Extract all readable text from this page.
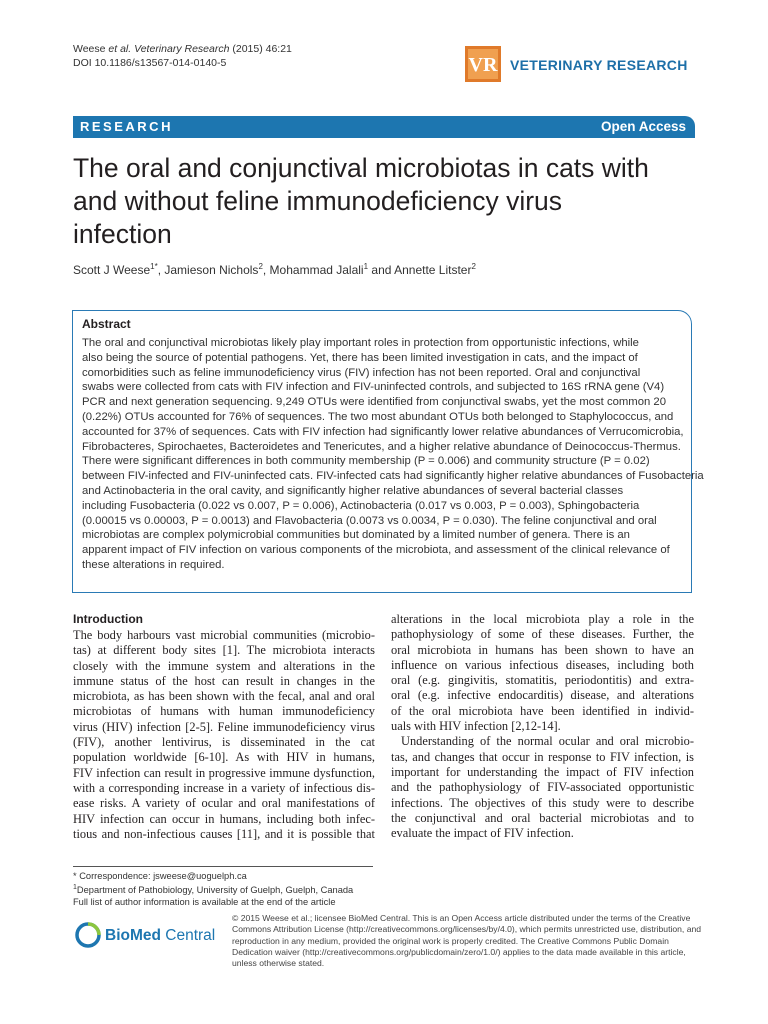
Weese et al. Veterinary Research (2015) 46:21
DOI 10.1186/s13567-014-0140-5	VR VETERINARY RESEARCH
RESEARCH	Open Access
The oral and conjunctival microbiotas in cats with
and without feline immunodeficiency virus
infection
Scott J Weese$^{1*}$, Jamieson Nichols$^2$, Mohammad Jalali$^1$ and Annette Litster$^2$
Abstract
The oral and conjunctival microbiotas likely play important roles in protection from opportunistic infections, while
also being the source of potential pathogens. Yet, there has been limited investigation in cats, and the impact of
comorbidities such as feline immunodeficiency virus (FIV) infection has not been reported. Oral and conjunctival
swabs were collected from cats with FIV infection and FIV-uninfected controls, and subjected to 16S rRNA gene (V4)
PCR and next generation sequencing. 9,249 OTUs were identified from conjunctival swabs, yet the most common 20
(0.22%) OTUs accounted for 76% of sequences. The two most abundant OTUs both belonged to Staphylococcus, and
accounted for 37% of sequences. Cats with FIV infection had significantly lower relative abundances of Verrucomicrobia,
Fibrobacteres, Spirochaetes, Bacteroidetes and Tenericutes, and a higher relative abundance of Deinococcus-Thermus.
There were significant differences in both community membership (P = 0.006) and community structure (P = 0.02)
between FIV-infected and FIV-uninfected cats. FIV-infected cats had significantly higher relative abundances of Fusobacteria
and Actinobacteria in the oral cavity, and significantly higher relative abundances of several bacterial classes
including Fusobacteria (0.022 vs 0.007, P = 0.006), Actinobacteria (0.017 vs 0.003, P = 0.003), Sphingobacteria
(0.00015 vs 0.00003, P = 0.0013) and Flavobacteria (0.0073 vs 0.0034, P = 0.030). The feline conjunctival and oral
microbiotas are complex polymicrobial communities but dominated by a limited number of genera. There is an
apparent impact of FIV infection on various components of the microbiota, and assessment of the clinical relevance of
these alterations in required.
Introduction
The body harbours vast microbial communities (microbio-
tas) at different body sites [1]. The microbiota interacts
closely with the immune system and alterations in the
immune status of the host can result in changes in the
microbiota, as has been shown with the fecal, anal and oral
microbiotas of humans with human immunodeficiency
virus (HIV) infection [2-5]. Feline immunodeficiency virus
(FIV), another lentivirus, is disseminated in the cat
population worldwide [6-10]. As with HIV in humans,
FIV infection can result in progressive immune dysfunction,
with a corresponding increase in a variety of infectious dis-
ease risks. A variety of ocular and oral manifestations of
HIV infection can occur in humans, including both infec-
tious and non-infectious causes [11], and it is possible that
alterations in the local microbiota play a role in the
pathophysiology of some of these diseases. Further, the
oral microbiota in humans has been shown to have an
influence on various infectious diseases, including both
oral (e.g. gingivitis, stomatitis, periodontitis) and extra-
oral (e.g. infective endocarditis) disease, and alterations
of the oral microbiota have been identified in individ-
uals with HIV infection [2,12-14].
Understanding of the normal ocular and oral microbio-
tas, and changes that occur in response to FIV infection, is
important for understanding the impact of FIV infection
and the pathophysiology of FIV-associated opportunistic
infections. The objectives of this study were to describe
the conjunctival and oral bacterial microbiotas and to
evaluate the impact of FIV infection.
* Correspondence: jsweese@uoguelph.ca
$^1$Department of Pathobiology, University of Guelph, Guelph, Canada
Full list of author information is available at the end of the article
BioMed Central
© 2015 Weese et al.; licensee BioMed Central. This is an Open Access article distributed under the terms of the Creative
Commons Attribution License (http://creativecommons.org/licenses/by/4.0), which permits unrestricted use, distribution, and
reproduction in any medium, provided the original work is properly credited. The Creative Commons Public Domain
Dedication waiver (http://creativecommons.org/publicdomain/zero/1.0/) applies to the data made available in this article,
unless otherwise stated.
